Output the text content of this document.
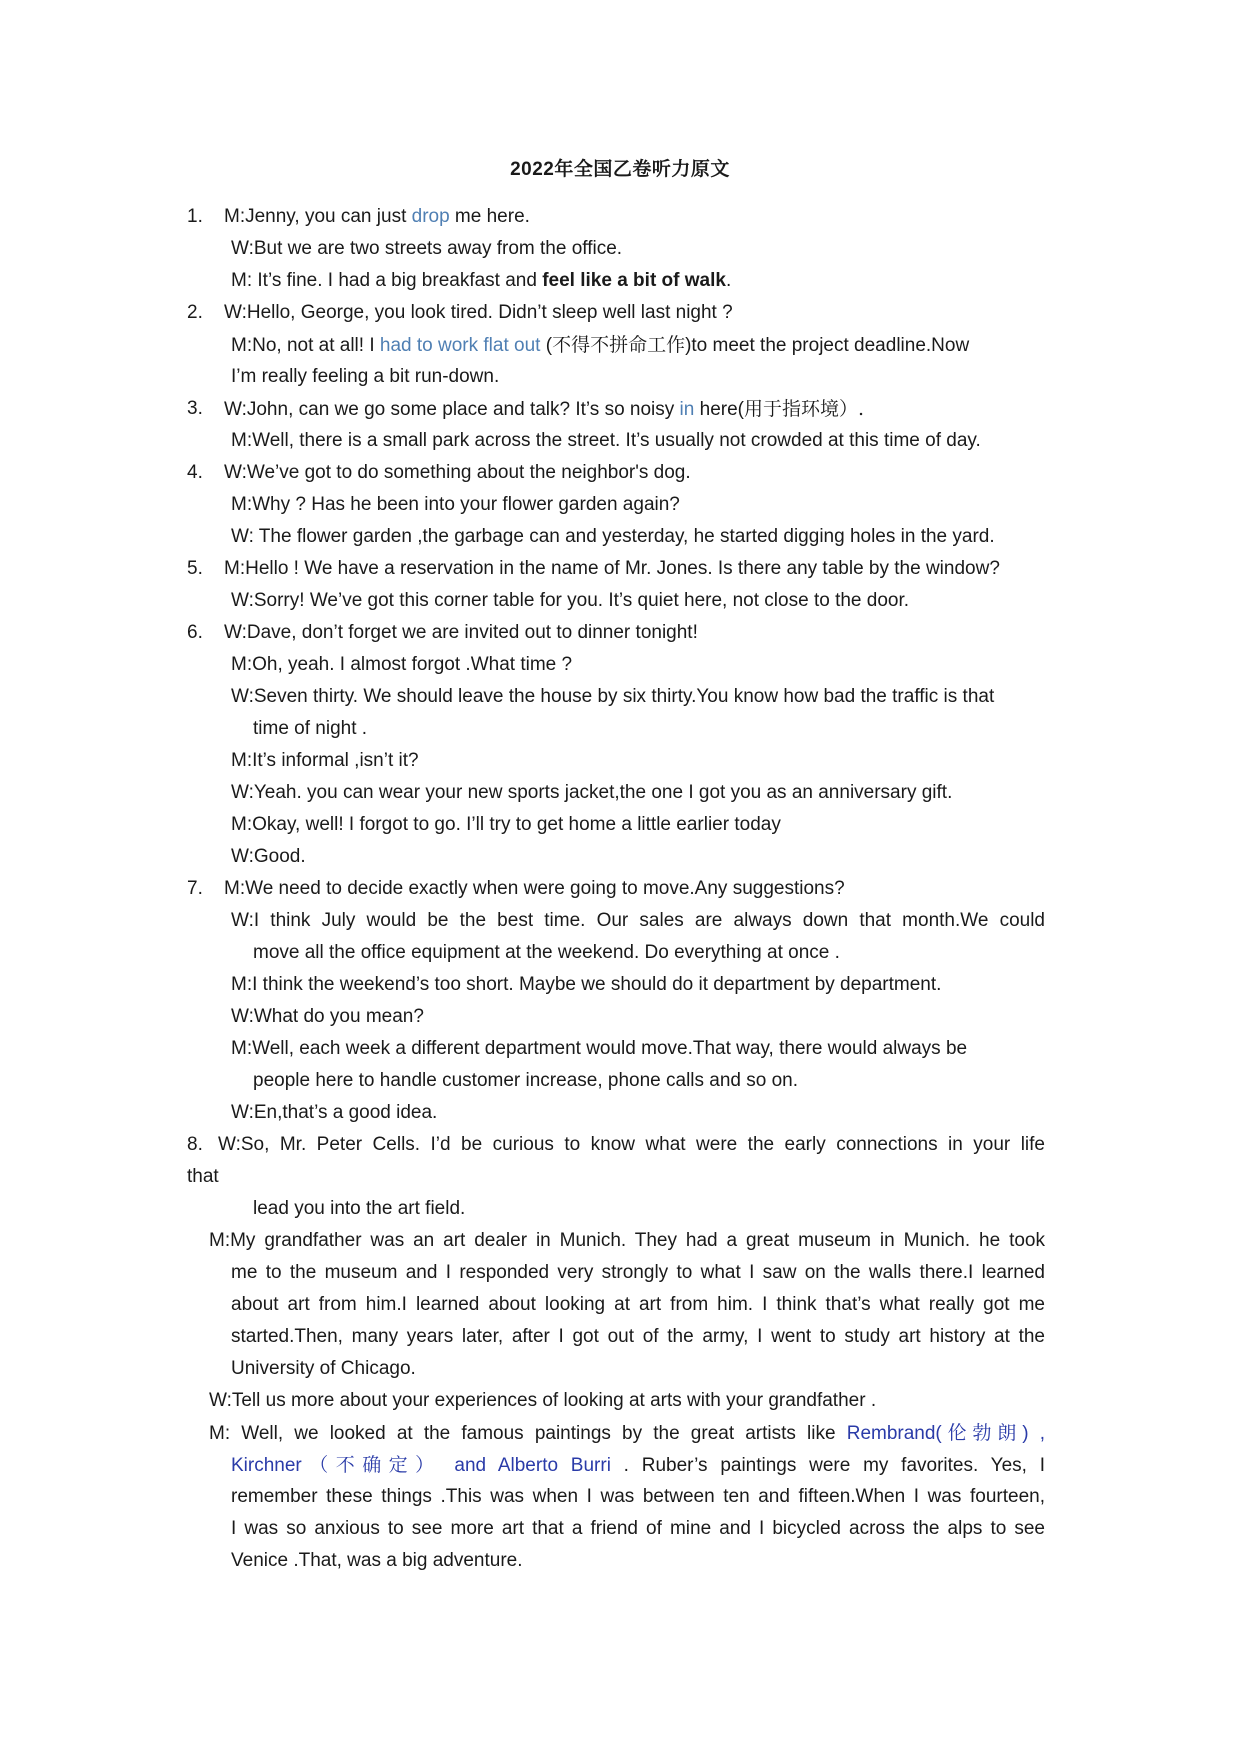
2022年全国乙卷听力原文
1. M:Jenny, you can just drop me here.
W:But we are two streets away from the office.
M: It’s fine. I had a big breakfast and feel like a bit of walk.
2. W:Hello, George, you look tired. Didn’t sleep well last night ?
M:No, not at all! I had to work flat out (不得不拼命工作)to meet the project deadline.Now
I’m really feeling a bit run-down.
3. W:John, can we go some place and talk? It’s so noisy in here(用于指环境）.
M:Well, there is a small park across the street. It’s usually not crowded at this time of day.
4. W:We’ve got to do something about the neighbor's dog.
M:Why ? Has he been into your flower garden again?
W: The flower garden ,the garbage can and yesterday, he started digging holes in the yard.
5. M:Hello ! We have a reservation in the name of Mr. Jones. Is there any table by the window?
W:Sorry! We’ve got this corner table for you. It’s quiet here, not close to the door.
6. W:Dave, don’t forget we are invited out to dinner tonight!
M:Oh, yeah. I almost forgot .What time ?
W:Seven thirty. We should leave the house by six thirty.You know how bad the traffic is that
time of night .
M:It’s informal ,isn’t it?
W:Yeah. you can wear your new sports jacket,the one I got you as an anniversary gift.
M:Okay, well! I forgot to go. I’ll try to get home a little earlier today
W:Good.
7. M:We need to decide exactly when were going to move.Any suggestions?
W:I think July would be the best time. Our sales are always down that month.We could
move all the office equipment at the weekend. Do everything at once .
M:I think the weekend’s too short. Maybe we should do it department by department.
W:What do you mean?
M:Well, each week a different department would move.That way, there would always be
people here to handle customer increase, phone calls and so on.
W:En,that’s a good idea.
8. W:So, Mr. Peter Cells. I’d be curious to know what were the early connections in your life
that
lead you into the art field.
M:My grandfather was an art dealer in Munich. They had a great museum in Munich. he took
me to the museum and I responded very strongly to what I saw on the walls there.I learned
about art from him.I learned about looking at art from him. I think that’s what really got me
started.Then, many years later, after I got out of the army, I went to study art history at the
University of Chicago.
W:Tell us more about your experiences of looking at arts with your grandfather .
M: Well, we looked at the famous paintings by the great artists like Rembrand(伦勃朗) ,
Kirchner（不确定） and Alberto Burri . Ruber’s paintings were my favorites. Yes, I
remember these things .This was when I was between ten and fifteen.When I was fourteen,
I was so anxious to see more art that a friend of mine and I bicycled across the alps to see
Venice .That, was a big adventure.
